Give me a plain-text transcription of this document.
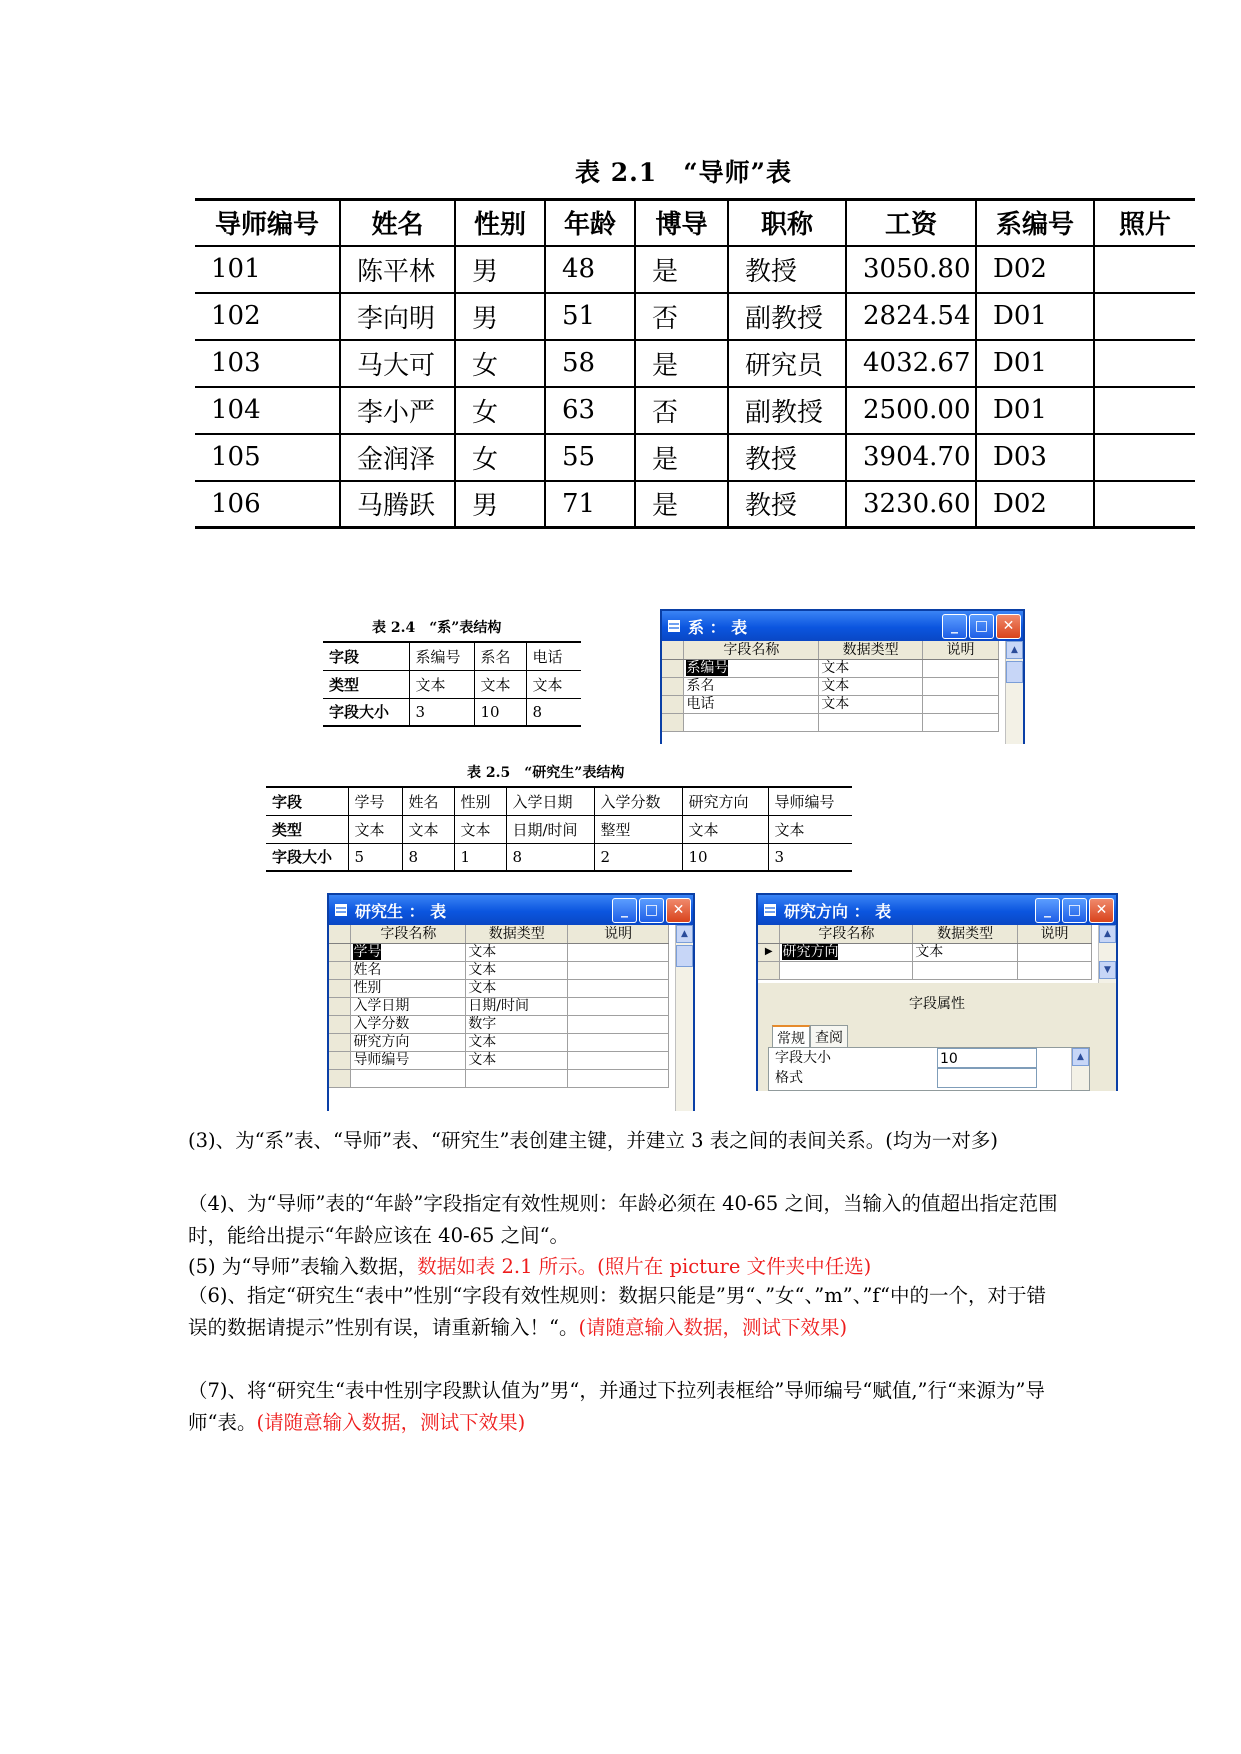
表 2.1　“导师”表
导师编号	姓名	性别	年龄	博导	职称	工资	系编号	照片
101	陈平林	男	48	是	教授	3050.80	D02	
102	李向明	男	51	否	副教授	2824.54	D01	
103	马大可	女	58	是	研究员	4032.67	D01	
104	李小严	女	63	否	副教授	2500.00	D01	
105	金润泽	女	55	是	教授	3904.70	D03	
106	马腾跃	男	71	是	教授	3230.60	D02	
表 2.4　“系”表结构
字段	系编号	系名	电话
类型	文本	文本	文本
字段大小	3	10	8
系 ： 表	_	□	✕
	字段名称	数据类型	说明
	系编号	文本	
	系名	文本	
	电话	文本	

▲
表 2.5　“研究生”表结构
字段	学号	姓名	性别	入学日期	入学分数	研究方向	导师编号
类型	文本	文本	文本	日期/时间	整型	文本	文本
字段大小	5	8	1	8	2	10	3
研究生 ： 表	_	□	✕
	字段名称	数据类型	说明
	学号	文本	
	姓名	文本	
	性别	文本	
	入学日期	日期/时间	
	入学分数	数字	
	研究方向	文本	
	导师编号	文本	

▲
研究方向 ： 表	_	□	✕
	字段名称	数据类型	说明
▶	研究方向	文本	

▲
▼
字段属性
常规 查阅
字段大小	10
格式
▲
(3)、为“系”表、“导师”表、“研究生”表创建主键，并建立 3 表之间的表间关系。(均为一对多)
（4)、为“导师”表的“年龄”字段指定有效性规则：年龄必须在 40-65 之间，当输入的值超出指定范围时，能给出提示“年龄应该在 40-65 之间“。
(5) 为“导师”表输入数据，数据如表 2.1 所示。(照片在 picture 文件夹中任选)
（6)、指定“研究生“表中”性别“字段有效性规则：数据只能是”男“、”女“、”m”、”f“中的一个，对于错误的数据请提示”性别有误，请重新输入！“。(请随意输入数据，测试下效果)
（7)、将“研究生“表中性别字段默认值为”男“，并通过下拉列表框给”导师编号“赋值,”行“来源为”导师“表。(请随意输入数据，测试下效果)
